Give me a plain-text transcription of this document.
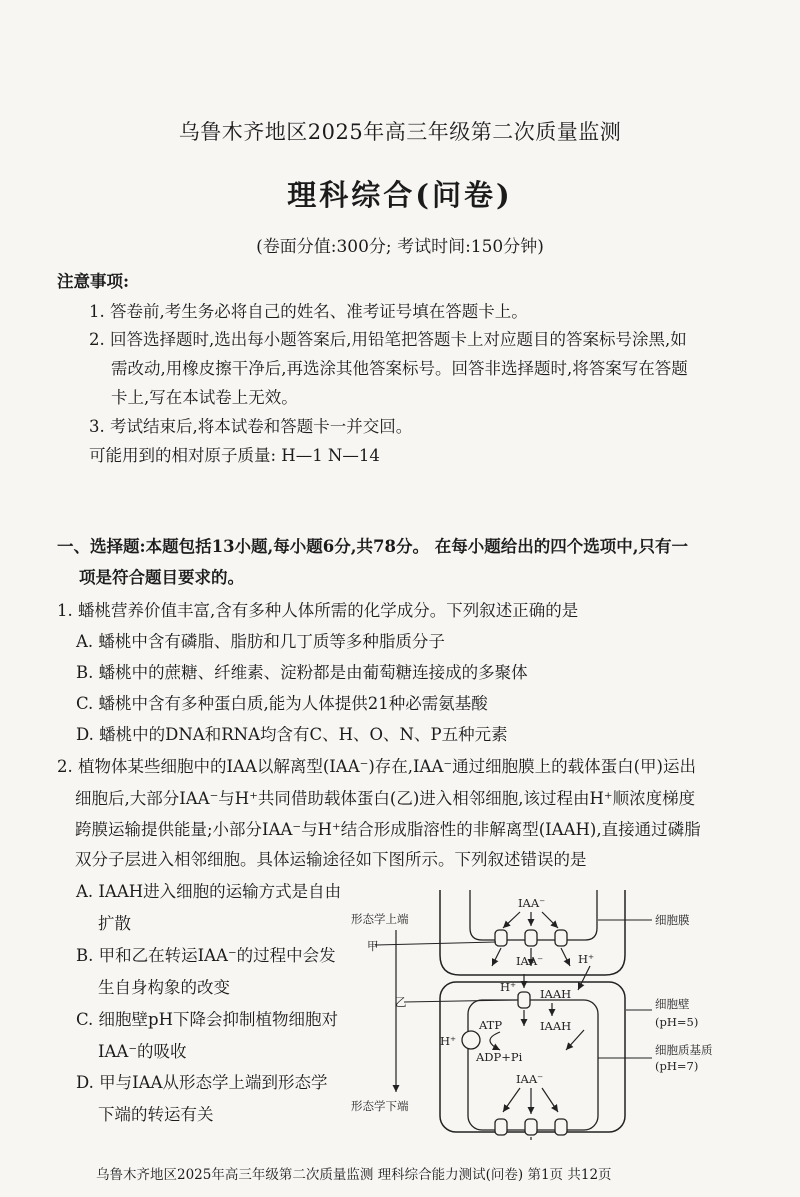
乌鲁木齐地区2025年高三年级第二次质量监测
理科综合(问卷)
(卷面分值:300分; 考试时间:150分钟)
注意事项:
1. 答卷前,考生务必将自己的姓名、准考证号填在答题卡上。
2. 回答选择题时,选出每小题答案后,用铅笔把答题卡上对应题目的答案标号涂黑,如
需改动,用橡皮擦干净后,再选涂其他答案标号。回答非选择题时,将答案写在答题
卡上,写在本试卷上无效。
3. 考试结束后,将本试卷和答题卡一并交回。
可能用到的相对原子质量: H—1 N—14
一、选择题:本题包括13小题,每小题6分,共78分。 在每小题给出的四个选项中,只有一
项是符合题目要求的。
1. 蟠桃营养价值丰富,含有多种人体所需的化学成分。下列叙述正确的是
A. 蟠桃中含有磷脂、脂肪和几丁质等多种脂质分子
B. 蟠桃中的蔗糖、纤维素、淀粉都是由葡萄糖连接成的多聚体
C. 蟠桃中含有多种蛋白质,能为人体提供21种必需氨基酸
D. 蟠桃中的DNA和RNA均含有C、H、O、N、P五种元素
2. 植物体某些细胞中的IAA以解离型(IAA⁻)存在,IAA⁻通过细胞膜上的载体蛋白(甲)运出
细胞后,大部分IAA⁻与H⁺共同借助载体蛋白(乙)进入相邻细胞,该过程由H⁺顺浓度梯度
跨膜运输提供能量;小部分IAA⁻与H⁺结合形成脂溶性的非解离型(IAAH),直接通过磷脂
双分子层进入相邻细胞。具体运输途径如下图所示。下列叙述错误的是
A. IAAH进入细胞的运输方式是自由
扩散
B. 甲和乙在转运IAA⁻的过程中会发
生自身构象的改变
C. 细胞壁pH下降会抑制植物细胞对
IAA⁻的吸收
D. 甲与IAA从形态学上端到形态学
下端的转运有关
形态学上端
形态学下端
甲
乙
细胞膜
细胞壁
(pH=5)
细胞质基质
(pH=7)
IAA⁻
IAA⁻	H⁺
H⁺ IAAH
IAAH
ATP
ADP+Pi
H⁺
IAA⁻
乌鲁木齐地区2025年高三年级第二次质量监测 理科综合能力测试(问卷) 第1页 共12页
